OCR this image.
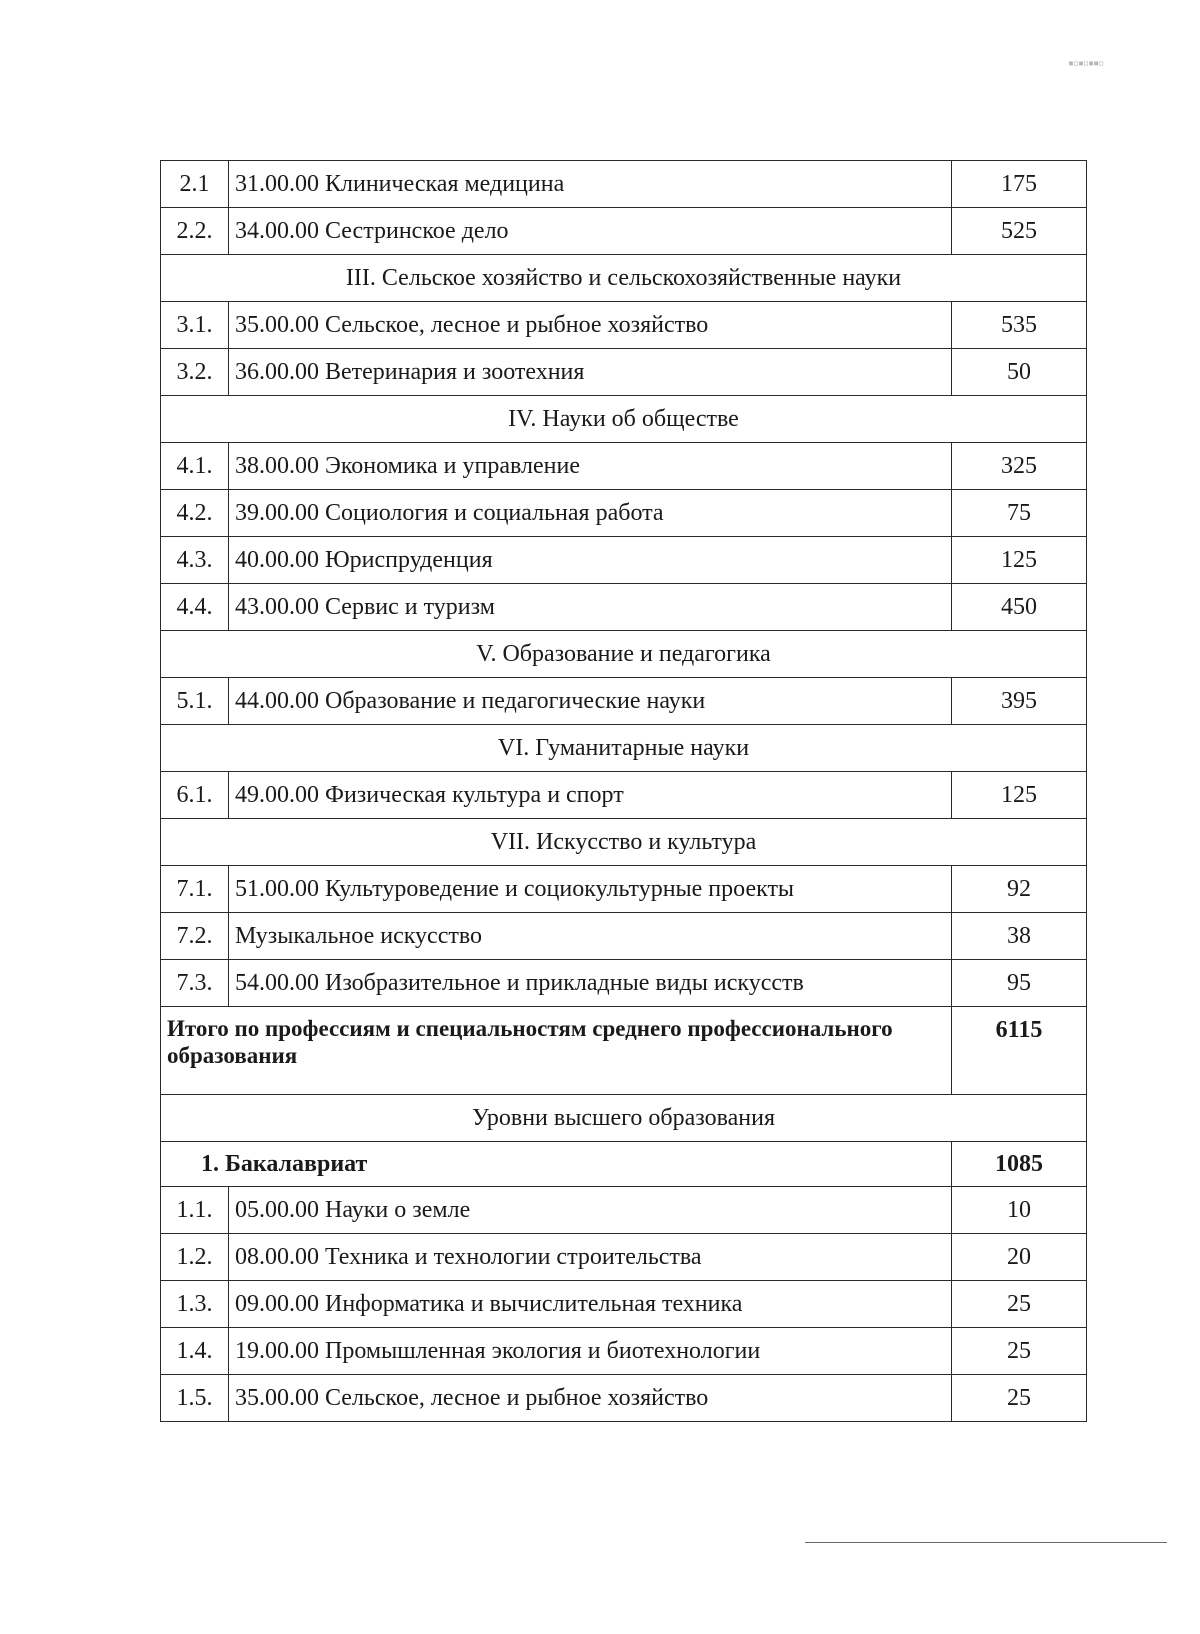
▪▫▪▫▪▪▫
2.1	31.00.00 Клиническая медицина	175
2.2.	34.00.00 Сестринское дело	525
III. Сельское хозяйство и сельскохозяйственные науки		
3.1.	35.00.00 Сельское, лесное и рыбное хозяйство	535
3.2.	36.00.00 Ветеринария и зоотехния	50
IV. Науки об обществе		
4.1.	38.00.00 Экономика и управление	325
4.2.	39.00.00 Социология и социальная работа	75
4.3.	40.00.00 Юриспруденция	125
4.4.	43.00.00 Сервис и туризм	450
V. Образование и педагогика		
5.1.	44.00.00 Образование и педагогические науки	395
VI. Гуманитарные науки		
6.1.	49.00.00 Физическая культура и спорт	125
VII. Искусство и культура		
7.1.	51.00.00 Культуроведение и социокультурные проекты	92
7.2.	Музыкальное искусство	38
7.3.	54.00.00 Изобразительное и прикладные виды искусств	95
Итого по профессиям и специальностям среднего профессионального образования		6115
Уровни высшего образования		
1. Бакалавриат		1085
1.1.	05.00.00 Науки о земле	10
1.2.	08.00.00 Техника и технологии строительства	20
1.3.	09.00.00 Информатика и вычислительная техника	25
1.4.	19.00.00 Промышленная экология и биотехнологии	25
1.5.	35.00.00 Сельское, лесное и рыбное хозяйство	25
